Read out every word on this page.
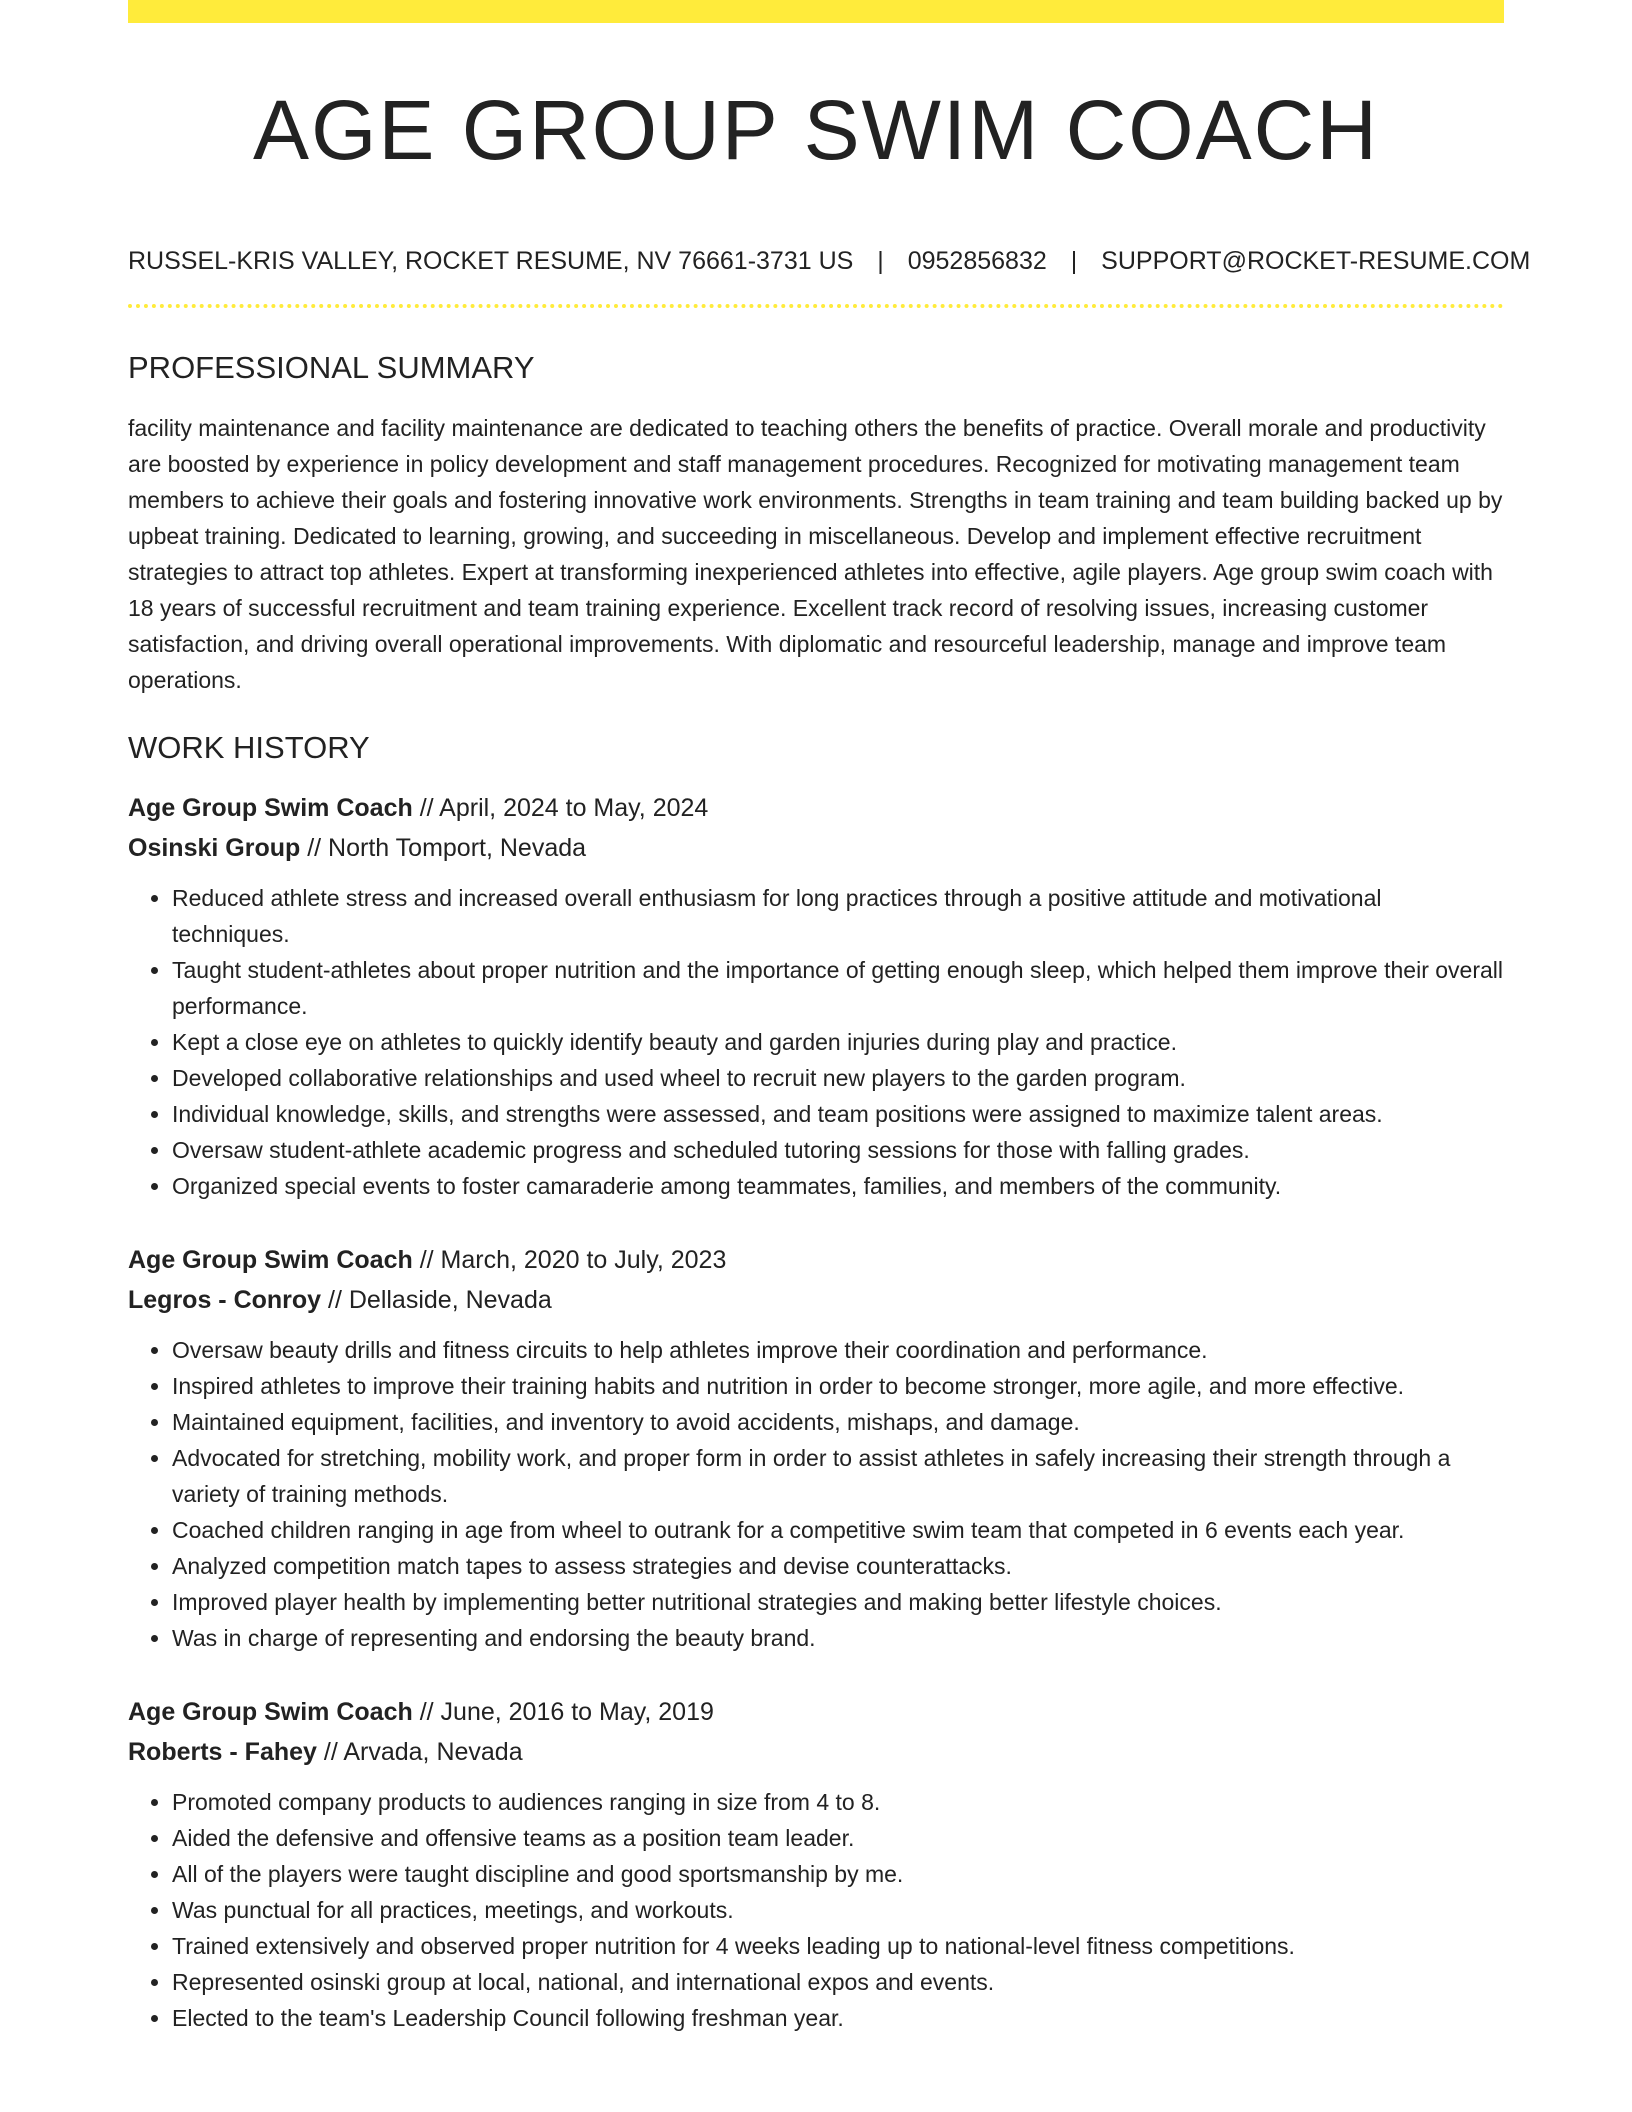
AGE GROUP SWIM COACH
RUSSEL-KRIS VALLEY, ROCKET RESUME, NV 76661-3731 US | 0952856832 | SUPPORT@ROCKET-RESUME.COM
PROFESSIONAL SUMMARY

facility maintenance and facility maintenance are dedicated to teaching others the benefits of practice. Overall morale and productivity are boosted by experience in policy development and staff management procedures. Recognized for motivating management team members to achieve their goals and fostering innovative work environments. Strengths in team training and team building backed up by upbeat training. Dedicated to learning, growing, and succeeding in miscellaneous. Develop and implement effective recruitment strategies to attract top athletes. Expert at transforming inexperienced athletes into effective, agile players. Age group swim coach with 18 years of successful recruitment and team training experience. Excellent track record of resolving issues, increasing customer satisfaction, and driving overall operational improvements. With diplomatic and resourceful leadership, manage and improve team operations.

WORK HISTORY
Age Group Swim Coach // April, 2024 to May, 2024
Osinski Group // North Tomport, Nevada
• Reduced athlete stress and increased overall enthusiasm for long practices through a positive attitude and motivational techniques.
• Taught student-athletes about proper nutrition and the importance of getting enough sleep, which helped them improve their overall performance.
• Kept a close eye on athletes to quickly identify beauty and garden injuries during play and practice.
• Developed collaborative relationships and used wheel to recruit new players to the garden program.
• Individual knowledge, skills, and strengths were assessed, and team positions were assigned to maximize talent areas.
• Oversaw student-athlete academic progress and scheduled tutoring sessions for those with falling grades.
• Organized special events to foster camaraderie among teammates, families, and members of the community.
Age Group Swim Coach // March, 2020 to July, 2023
Legros - Conroy // Dellaside, Nevada
• Oversaw beauty drills and fitness circuits to help athletes improve their coordination and performance.
• Inspired athletes to improve their training habits and nutrition in order to become stronger, more agile, and more effective.
• Maintained equipment, facilities, and inventory to avoid accidents, mishaps, and damage.
• Advocated for stretching, mobility work, and proper form in order to assist athletes in safely increasing their strength through a variety of training methods.
• Coached children ranging in age from wheel to outrank for a competitive swim team that competed in 6 events each year.
• Analyzed competition match tapes to assess strategies and devise counterattacks.
• Improved player health by implementing better nutritional strategies and making better lifestyle choices.
• Was in charge of representing and endorsing the beauty brand.
Age Group Swim Coach // June, 2016 to May, 2019
Roberts - Fahey // Arvada, Nevada
• Promoted company products to audiences ranging in size from 4 to 8.
• Aided the defensive and offensive teams as a position team leader.
• All of the players were taught discipline and good sportsmanship by me.
• Was punctual for all practices, meetings, and workouts.
• Trained extensively and observed proper nutrition for 4 weeks leading up to national-level fitness competitions.
• Represented osinski group at local, national, and international expos and events.
• Elected to the team's Leadership Council following freshman year.
